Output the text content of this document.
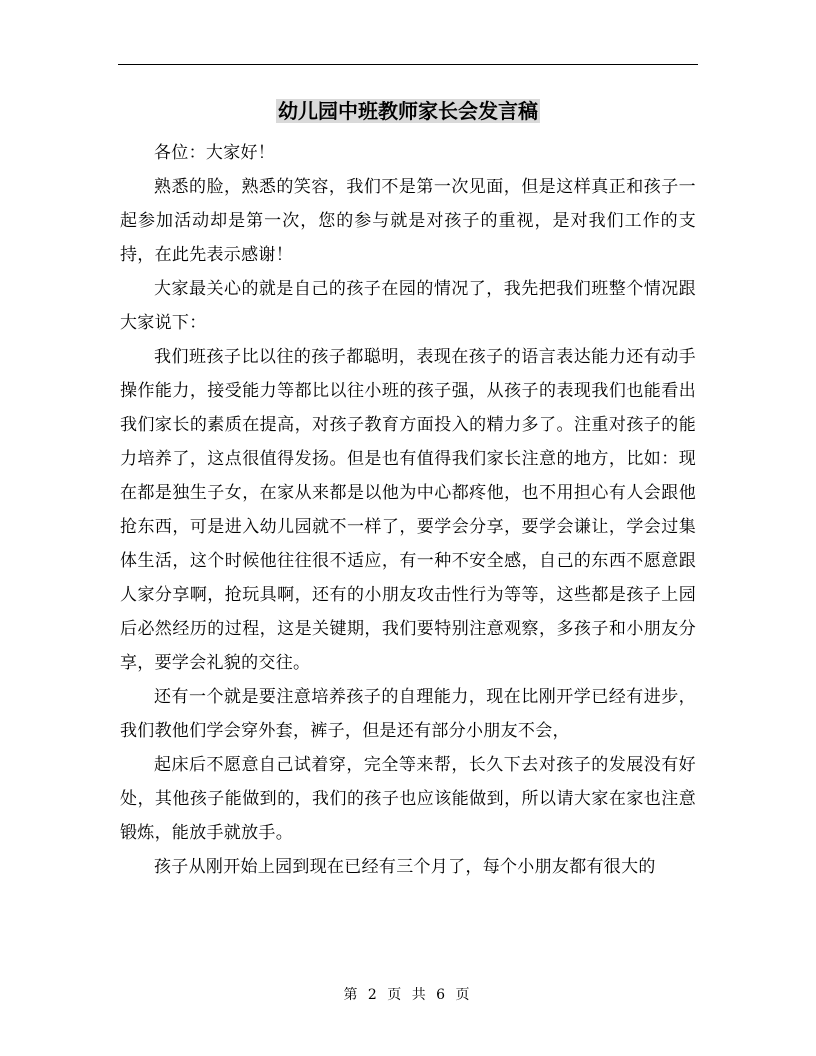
幼儿园中班教师家长会发言稿

各位：大家好！

熟悉的脸，熟悉的笑容，我们不是第一次见面，但是这样真正和孩子一起参加活动却是第一次，您的参与就是对孩子的重视，是对我们工作的支持，在此先表示感谢！

大家最关心的就是自己的孩子在园的情况了，我先把我们班整个情况跟大家说下：

我们班孩子比以往的孩子都聪明，表现在孩子的语言表达能力还有动手操作能力，接受能力等都比以往小班的孩子强，从孩子的表现我们也能看出我们家长的素质在提高，对孩子教育方面投入的精力多了。注重对孩子的能力培养了，这点很值得发扬。但是也有值得我们家长注意的地方，比如：现在都是独生子女，在家从来都是以他为中心都疼他，也不用担心有人会跟他抢东西，可是进入幼儿园就不一样了，要学会分享，要学会谦让，学会过集体生活，这个时候他往往很不适应，有一种不安全感，自己的东西不愿意跟人家分享啊，抢玩具啊，还有的小朋友攻击性行为等等，这些都是孩子上园后必然经历的过程，这是关键期，我们要特别注意观察，多孩子和小朋友分享，要学会礼貌的交往。

还有一个就是要注意培养孩子的自理能力，现在比刚开学已经有进步，我们教他们学会穿外套，裤子，但是还有部分小朋友不会，

起床后不愿意自己试着穿，完全等来帮，长久下去对孩子的发展没有好处，其他孩子能做到的，我们的孩子也应该能做到，所以请大家在家也注意锻炼，能放手就放手。

孩子从刚开始上园到现在已经有三个月了，每个小朋友都有很大的

第 2 页 共 6 页
